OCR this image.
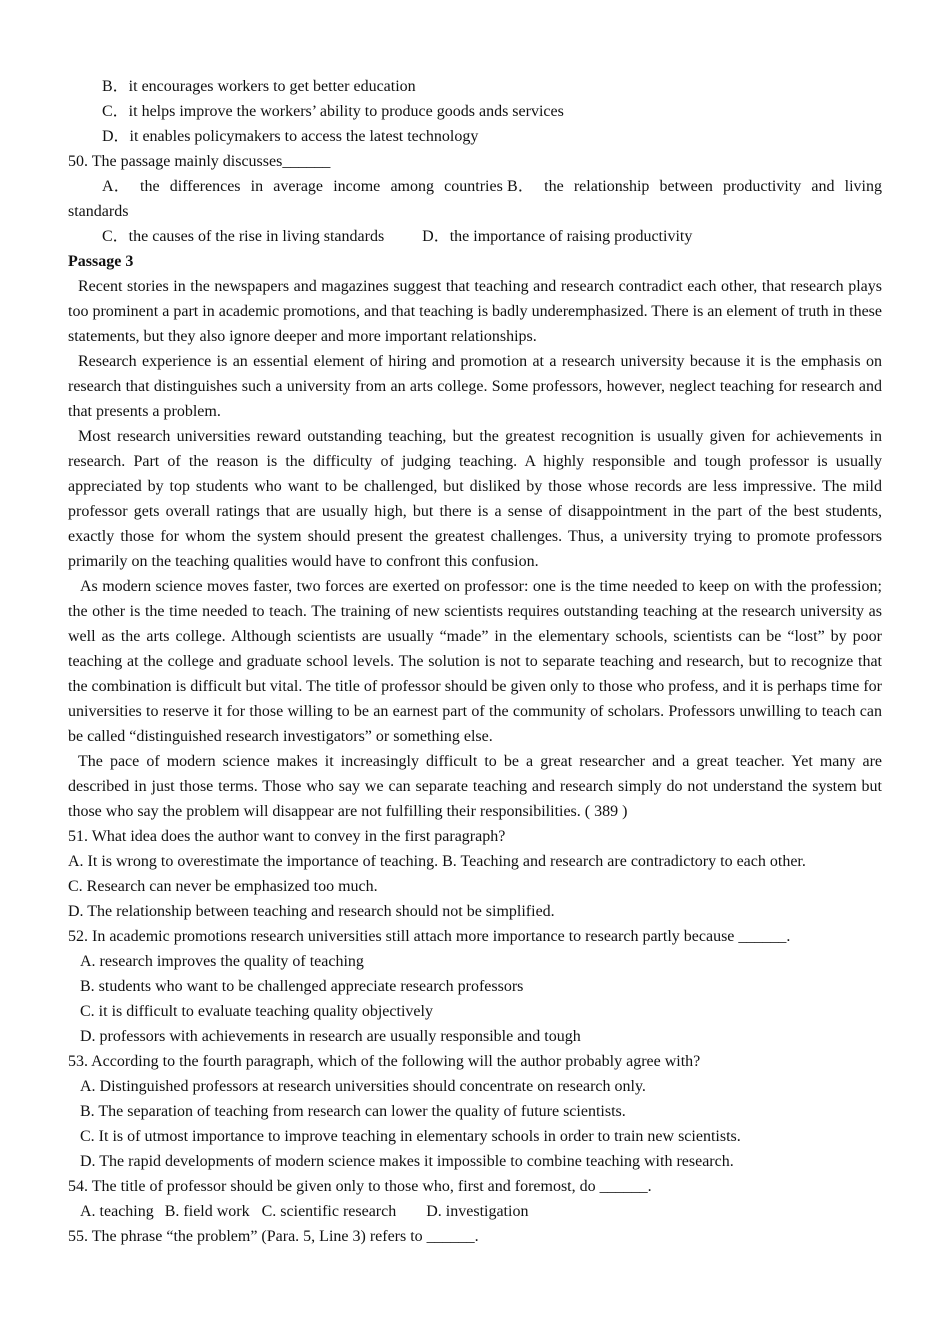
B．it encourages workers to get better education
C．it helps improve the workers’ ability to produce goods ands services
D．it enables policymakers to access the latest technology
50. The passage mainly discusses______
A． the differences in average income among countries B． the relationship between productivity and living standards
C．the causes of the rise in living standards D．the importance of raising productivity
Passage 3
Recent stories in the newspapers and magazines suggest that teaching and research contradict each other, that research plays too prominent a part in academic promotions, and that teaching is badly underemphasized. There is an element of truth in these statements, but they also ignore deeper and more important relationships.
Research experience is an essential element of hiring and promotion at a research university because it is the emphasis on research that distinguishes such a university from an arts college. Some professors, however, neglect teaching for research and that presents a problem.
Most research universities reward outstanding teaching, but the greatest recognition is usually given for achievements in research. Part of the reason is the difficulty of judging teaching. A highly responsible and tough professor is usually appreciated by top students who want to be challenged, but disliked by those whose records are less impressive. The mild professor gets overall ratings that are usually high, but there is a sense of disappointment in the part of the best students, exactly those for whom the system should present the greatest challenges. Thus, a university trying to promote professors primarily on the teaching qualities would have to confront this confusion.
As modern science moves faster, two forces are exerted on professor: one is the time needed to keep on with the profession; the other is the time needed to teach. The training of new scientists requires outstanding teaching at the research university as well as the arts college. Although scientists are usually “made” in the elementary schools, scientists can be “lost” by poor teaching at the college and graduate school levels. The solution is not to separate teaching and research, but to recognize that the combination is difficult but vital. The title of professor should be given only to those who profess, and it is perhaps time for universities to reserve it for those willing to be an earnest part of the community of scholars. Professors unwilling to teach can be called “distinguished research investigators” or something else.
The pace of modern science makes it increasingly difficult to be a great researcher and a great teacher. Yet many are described in just those terms. Those who say we can separate teaching and research simply do not understand the system but those who say the problem will disappear are not fulfilling their responsibilities. ( 389 )
51. What idea does the author want to convey in the first paragraph?
A. It is wrong to overestimate the importance of teaching. B. Teaching and research are contradictory to each other.
C. Research can never be emphasized too much.
D. The relationship between teaching and research should not be simplified.
52. In academic promotions research universities still attach more importance to research partly because ______.
A. research improves the quality of teaching
B. students who want to be challenged appreciate research professors
C. it is difficult to evaluate teaching quality objectively
D. professors with achievements in research are usually responsible and tough
53. According to the fourth paragraph, which of the following will the author probably agree with?
A. Distinguished professors at research universities should concentrate on research only.
B. The separation of teaching from research can lower the quality of future scientists.
C. It is of utmost importance to improve teaching in elementary schools in order to train new scientists.
D. The rapid developments of modern science makes it impossible to combine teaching with research.
54. The title of professor should be given only to those who, first and foremost, do ______.
A. teaching B. field work C. scientific research D. investigation
55. The phrase “the problem” (Para. 5, Line 3) refers to ______.
